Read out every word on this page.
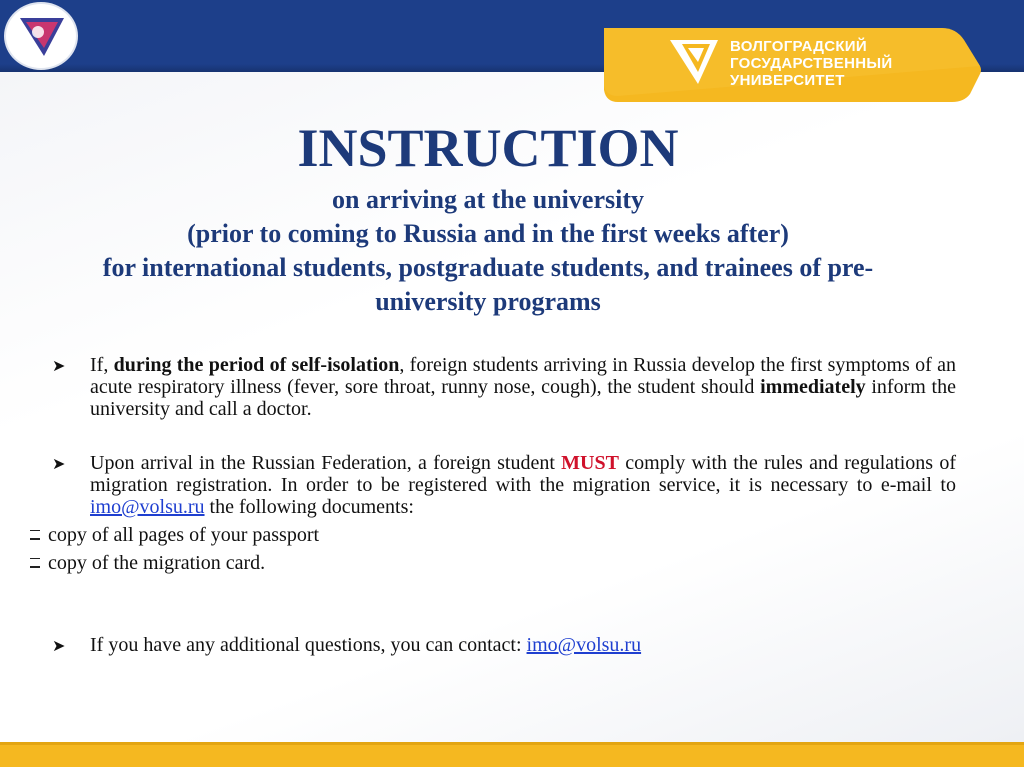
ВОЛГОГРАДСКИЙ
ГОСУДАРСТВЕННЫЙ
УНИВЕРСИТЕТ
INSTRUCTION
on arriving at the university
(prior to coming to Russia and in the first weeks after)
for international students, postgraduate students, and trainees of pre-
university programs
➤	If, during the period of self-isolation, foreign students arriving in Russia develop the first symptoms of an acute respiratory illness (fever, sore throat, runny nose, cough), the student should immediately inform the university and call a doctor.
➤	Upon arrival in the Russian Federation, a foreign student MUST comply with the rules and regulations of migration registration. In order to be registered with the migration service, it is necessary to e-mail to imo@volsu.ru the following documents:
copy of all pages of your passport
copy of the migration card.
➤	If you have any additional questions, you can contact: imo@volsu.ru
